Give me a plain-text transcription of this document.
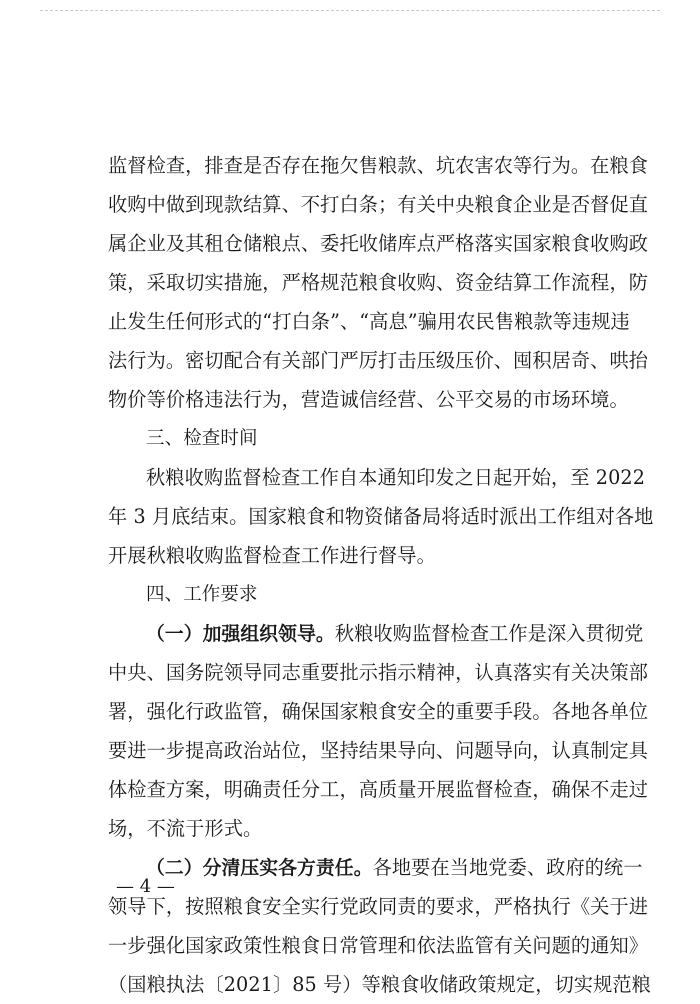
监督检查，排查是否存在拖欠售粮款、坑农害农等行为。在粮食
收购中做到现款结算、不打白条；有关中央粮食企业是否督促直
属企业及其租仓储粮点、委托收储库点严格落实国家粮食收购政
策，采取切实措施，严格规范粮食收购、资金结算工作流程，防
止发生任何形式的“打白条”、“高息”骗用农民售粮款等违规违
法行为。密切配合有关部门严厉打击压级压价、囤积居奇、哄抬
物价等价格违法行为，营造诚信经营、公平交易的市场环境。
三、检查时间
秋粮收购监督检查工作自本通知印发之日起开始，至 2022
年 3 月底结束。国家粮食和物资储备局将适时派出工作组对各地
开展秋粮收购监督检查工作进行督导。
四、工作要求
（一）加强组织领导。秋粮收购监督检查工作是深入贯彻党
中央、国务院领导同志重要批示指示精神，认真落实有关决策部
署，强化行政监管，确保国家粮食安全的重要手段。各地各单位
要进一步提高政治站位，坚持结果导向、问题导向，认真制定具
体检查方案，明确责任分工，高质量开展监督检查，确保不走过
场，不流于形式。
（二）分清压实各方责任。各地要在当地党委、政府的统一
领导下，按照粮食安全实行党政同责的要求，严格执行《关于进
一步强化国家政策性粮食日常管理和依法监管有关问题的通知》
（国粮执法〔2021〕85 号）等粮食收储政策规定，切实规范粮
— 4 —
